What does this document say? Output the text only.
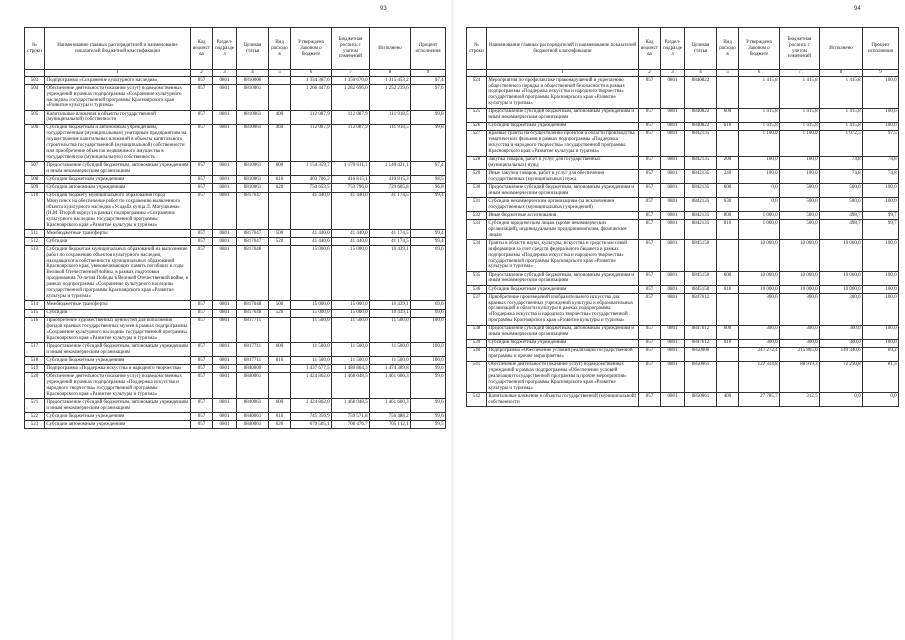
93
№ строки	Наименование главных распорядителей и наименование показателей бюджетной классификации	Код ведомства	Раздел-подраздел	Целевая статья	Вид расходов	Утверждено Законом о бюджете	Бюджетная роспись с учетом изменений	Исполнено	Процент исполнения
	1	2	3	4	5	6	7	8	9
503	Подпрограмма «Сохранение культурного наследия»	057	0801	0810000		1 334 387,6	1 350 670,0	1 315 453,2	97,4
504	Обеспечение деятельности (оказание услуг) подведомственных учреждений в рамках подпрограммы «Сохранение культурного наследия» государственной программы Красноярского края «Развитие культуры и туризма»	057	0801	0810061		1 266 447,6	1 282 696,0	1 252 239,6	97,6
505	Капитальные вложения в объекты государственной (муниципальной) собственности	057	0801	0810061	400	112 087,9	112 087,9	111 918,5	99,8
506	Субсидии бюджетным и автономным учреждениям, государственным (муниципальным) унитарным предприятиям на осуществление капитальных вложений в объекты капитального строительства государственной (муниципальной) собственности или приобретение объектов недвижимого имущества в государственную (муниципальную) собственность	057	0801	0810061	460	112 087,9	112 087,9	111 918,5	99,8
507	Предоставление субсидий бюджетным, автономным учреждениям и иным некоммерческим организациям	057	0801	0810061	600	1 154 359,7	1 170 611,1	1 140 421,1	97,4
508	Субсидии бюджетным учреждениям	057	0801	0810061	610	403 706,2	416 815,1	410 815,3	98,5
509	Субсидии автономным учреждениям	057	0801	0810061	620	750 653,5	753 796,0	729 605,8	96,8
510	Субсидии бюджету муниципального образования город Минусинск на обеспечение работ по сохранению выявленного объекта культурного наследия «Усадьба купца Л. Матушкина» (Н.М. Второй корпус) в рамках подпрограммы «Сохранение культурного наследия» государственной программы Красноярского края «Развитие культуры и туризма»	057	0801	0817647		41 440,0	41 440,0	41 174,5	99,4
511	Межбюджетные трансферты	057	0801	0817647	500	41 440,0	41 440,0	41 174,5	99,4
512	Субсидии	057	0801	0817647	520	41 440,0	41 440,0	41 174,5	99,4
513	Субсидии бюджетам муниципальных образований на выполнение работ по сохранению объектов культурного наследия, находящихся в собственности муниципальных образований Красноярского края, увековечивающих память погибших в годы Великой Отечественной войны, в рамках подготовки празднования 70-летия Победы в Великой Отечественной войне, в рамках подпрограммы «Сохранение культурного наследия» государственной программы Красноярского края «Развитие культуры и туризма»	057	0801	0817648		15 000,0	15 000,0	10 439,1	69,6
514	Межбюджетные трансферты	057	0801	0817648	500	15 000,0	15 000,0	10 439,1	69,6
515	Субсидии	057	0801	0817648	520	15 000,0	15 000,0	10 439,1	69,6
516	Приобретение художественных ценностей для пополнения фондов краевых государственных музеев в рамках подпрограммы «Сохранение культурного наследия» государственной программы Красноярского края «Развитие культуры и туризма»	057	0801	0817711		11 500,0	11 500,0	11 500,0	100,0
517	Предоставление субсидий бюджетным, автономным учреждениям и иным некоммерческим организациям	057	0801	0817711	600	11 500,0	11 500,0	11 500,0	100,0
518	Субсидии бюджетным учреждениям	057	0801	0817711	610	11 500,0	11 500,0	11 500,0	100,0
519	Подпрограмма «Поддержка искусства и народного творчества»	057	0801	0840000		1 437 677,5	1 480 864,3	1 474 389,8	99,6
520	Обеспечение деятельности (оказание услуг) подведомственных учреждений в рамках подпрограммы «Поддержка искусства и народного творчества» государственной программы Красноярского края «Развитие культуры и туризма»	057	0801	0840061		1 424 862,0	1 468 048,5	1 461 600,3	99,6
521	Предоставление субсидий бюджетным, автономным учреждениям и иным некоммерческим организациям	057	0801	0840061	600	1 424 862,0	1 468 048,5	1 461 600,3	99,6
522	Субсидии бюджетным учреждениям	057	0801	0840061	610	745 356,9	759 571,8	756 488,2	99,6
523	Субсидии автономным учреждениям	057	0801	0840061	620	679 505,1	708 476,7	705 112,1	99,5
94
№ строки	Наименование главных распорядителей и наименование показателей бюджетной классификации	Код ведомства	Раздел-подраздел	Целевая статья	Вид расходов	Утверждено Законом о бюджете	Бюджетная роспись с учетом изменений	Исполнено	Процент исполнения
	1	2	3	4	5	6	7	8	9
524	Мероприятия по профилактике правонарушений и укреплению общественного порядка и общественной безопасности в рамках подпрограммы «Поддержка искусства и народного творчества» государственной программы Красноярского края «Развитие культуры и туризма»	057	0801	0840822		1 415,8	1 415,8	1 415,8	100,0
525	Предоставление субсидий бюджетным, автономным учреждениям и иным некоммерческим организациям	057	0801	0840822	600	1 415,8	1 415,8	1 415,8	100,0
526	Субсидии бюджетным учреждениям	057	0801	0840822	610	1 415,8	1 415,8	1 415,8	100,0
527	Краевые гранты на осуществление проектов в области производства тематических фильмов в рамках подпрограммы «Поддержка искусства и народного творчества» государственной программы Красноярского края «Развитие культуры и туризма»	057	0801	0842135		1 100,0	1 100,0	1 072,5	97,5
528	Закупка товаров, работ и услуг для государственных (муниципальных) нужд	057	0801	0842135	200	100,0	100,0	74,8	74,8
529	Иные закупки товаров, работ и услуг для обеспечения государственных (муниципальных) нужд	057	0801	0842135	240	100,0	100,0	74,8	74,8
530	Предоставление субсидий бюджетным, автономным учреждениям и иным некоммерческим организациям	057	0801	0842135	600	0,0	500,0	500,0	100,0
531	Субсидии некоммерческим организациям (за исключением государственных (муниципальных) учреждений)	057	0801	0842135	630	0,0	500,0	500,0	100,0
532	Иные бюджетные ассигнования	057	0801	0842135	800	1 000,0	500,0	498,7	99,7
533	Субсидии юридическим лицам (кроме некоммерческих организаций), индивидуальным предпринимателям, физическим лицам	057	0801	0842135	810	1 000,0	500,0	498,7	99,7
534	Гранты в области науки, культуры, искусства и средств массовой информации за счет средств федерального бюджета в рамках подпрограммы «Поддержка искусства и народного творчества» государственной программы Красноярского края «Развитие культуры и туризма»	057	0801	0845150		10 000,0	10 000,0	10 000,0	100,0
535	Предоставление субсидий бюджетным, автономным учреждениям и иным некоммерческим организациям	057	0801	0845150	600	10 000,0	10 000,0	10 000,0	100,0
536	Субсидии бюджетным учреждениям	057	0801	0845150	610	10 000,0	10 000,0	10 000,0	100,0
537	Приобретение произведений изобразительного искусства для краевых государственных учреждений культуры и образовательных организаций в области культуры в рамках подпрограммы «Поддержка искусства и народного творчества» государственной программы Красноярского края «Развитие культуры и туризма»	057	0801	0847612		300,0	300,0	300,0	100,0
538	Предоставление субсидий бюджетным, автономным учреждениям и иным некоммерческим организациям	057	0801	0847612	600	300,0	300,0	300,0	100,0
539	Субсидии бюджетным учреждениям	057	0801	0847612	610	300,0	300,0	300,0	100,0
540	Подпрограмма «Обеспечение условий реализации государственной программы и прочие мероприятия»	057	0801	0850000		247 272,4	215 805,0	149 340,6	69,2
541	Обеспечение деятельности (оказание услуг) подведомственных учреждений в рамках подпрограммы «Обеспечение условий реализации государственной программы и прочие мероприятия» государственной программы Красноярского края «Развитие культуры и туризма»	057	0801	0850061		122 334,8	88 919,3	72 250,8	81,3
542	Капитальные вложения в объекты государственной (муниципальной) собственности	057	0801	0850061	400	27 785,7	312,5	0,0	0,0
